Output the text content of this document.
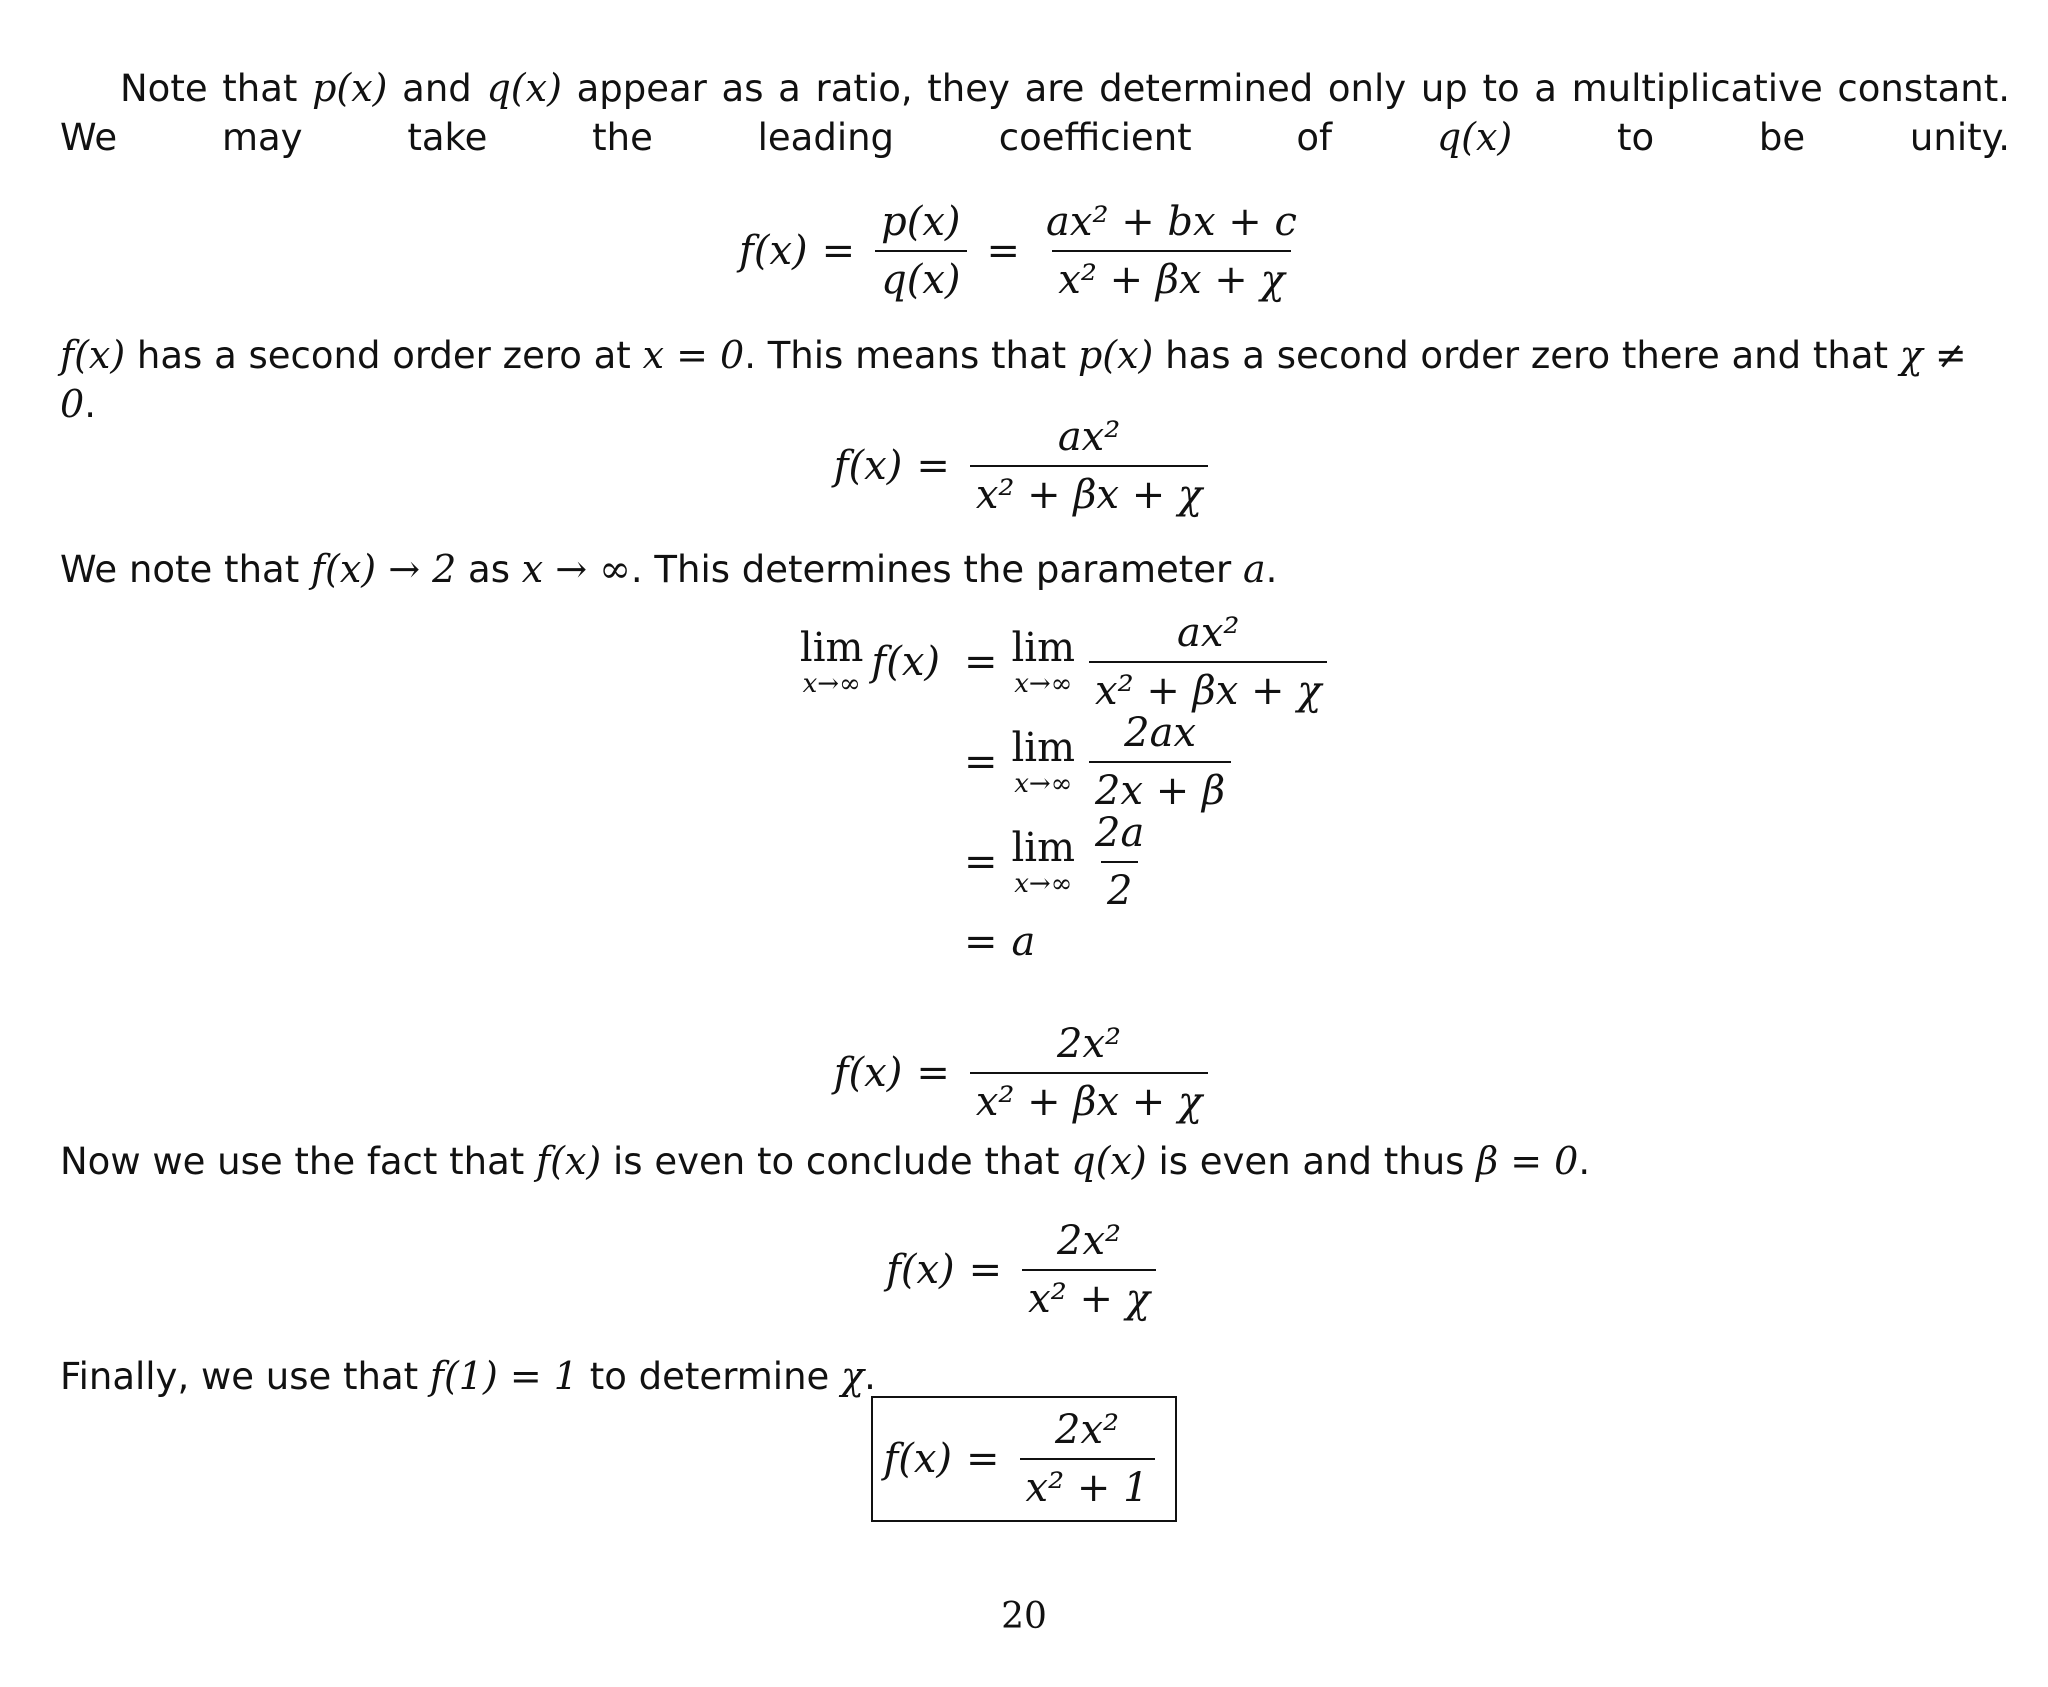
Note that p(x) and q(x) appear as a ratio, they are determined only up to a multiplicative constant. We may take the leading coefficient of q(x) to be unity.
$f(x) = \frac{p(x)}{q(x)} = \frac{\text{ax² + bx + c}}{\text{x² + βx + χ}}$
f(x) has a second order zero at x = 0. This means that p(x) has a second order zero there and that χ ≠ 0.
$f(x) = \frac{\text{ax²}}{\text{x² + βx + χ}}$
We note that f(x) → 2 as x → ∞. This determines the parameter a.
lim
x→∞ f(x) = lim
$x\to\infty \frac{\text{ax²}}{\text{x² + βx + χ}}$
= lim
$x\to\infty \frac{2ax}{2x + \beta}$
= lim
$x\to\infty \frac{2a}{2}$
= a
$f(x) = \frac{\text{2x²}}{\text{x² + βx + χ}}$
Now we use the fact that f(x) is even to conclude that q(x) is even and thus β = 0.
$f(x) = \frac{\text{2x²}}{\text{x² + χ}}$
Finally, we use that f(1) = 1 to determine χ.
$f(x) = \frac{\text{2x²}}{\text{x² + 1}}$
20
